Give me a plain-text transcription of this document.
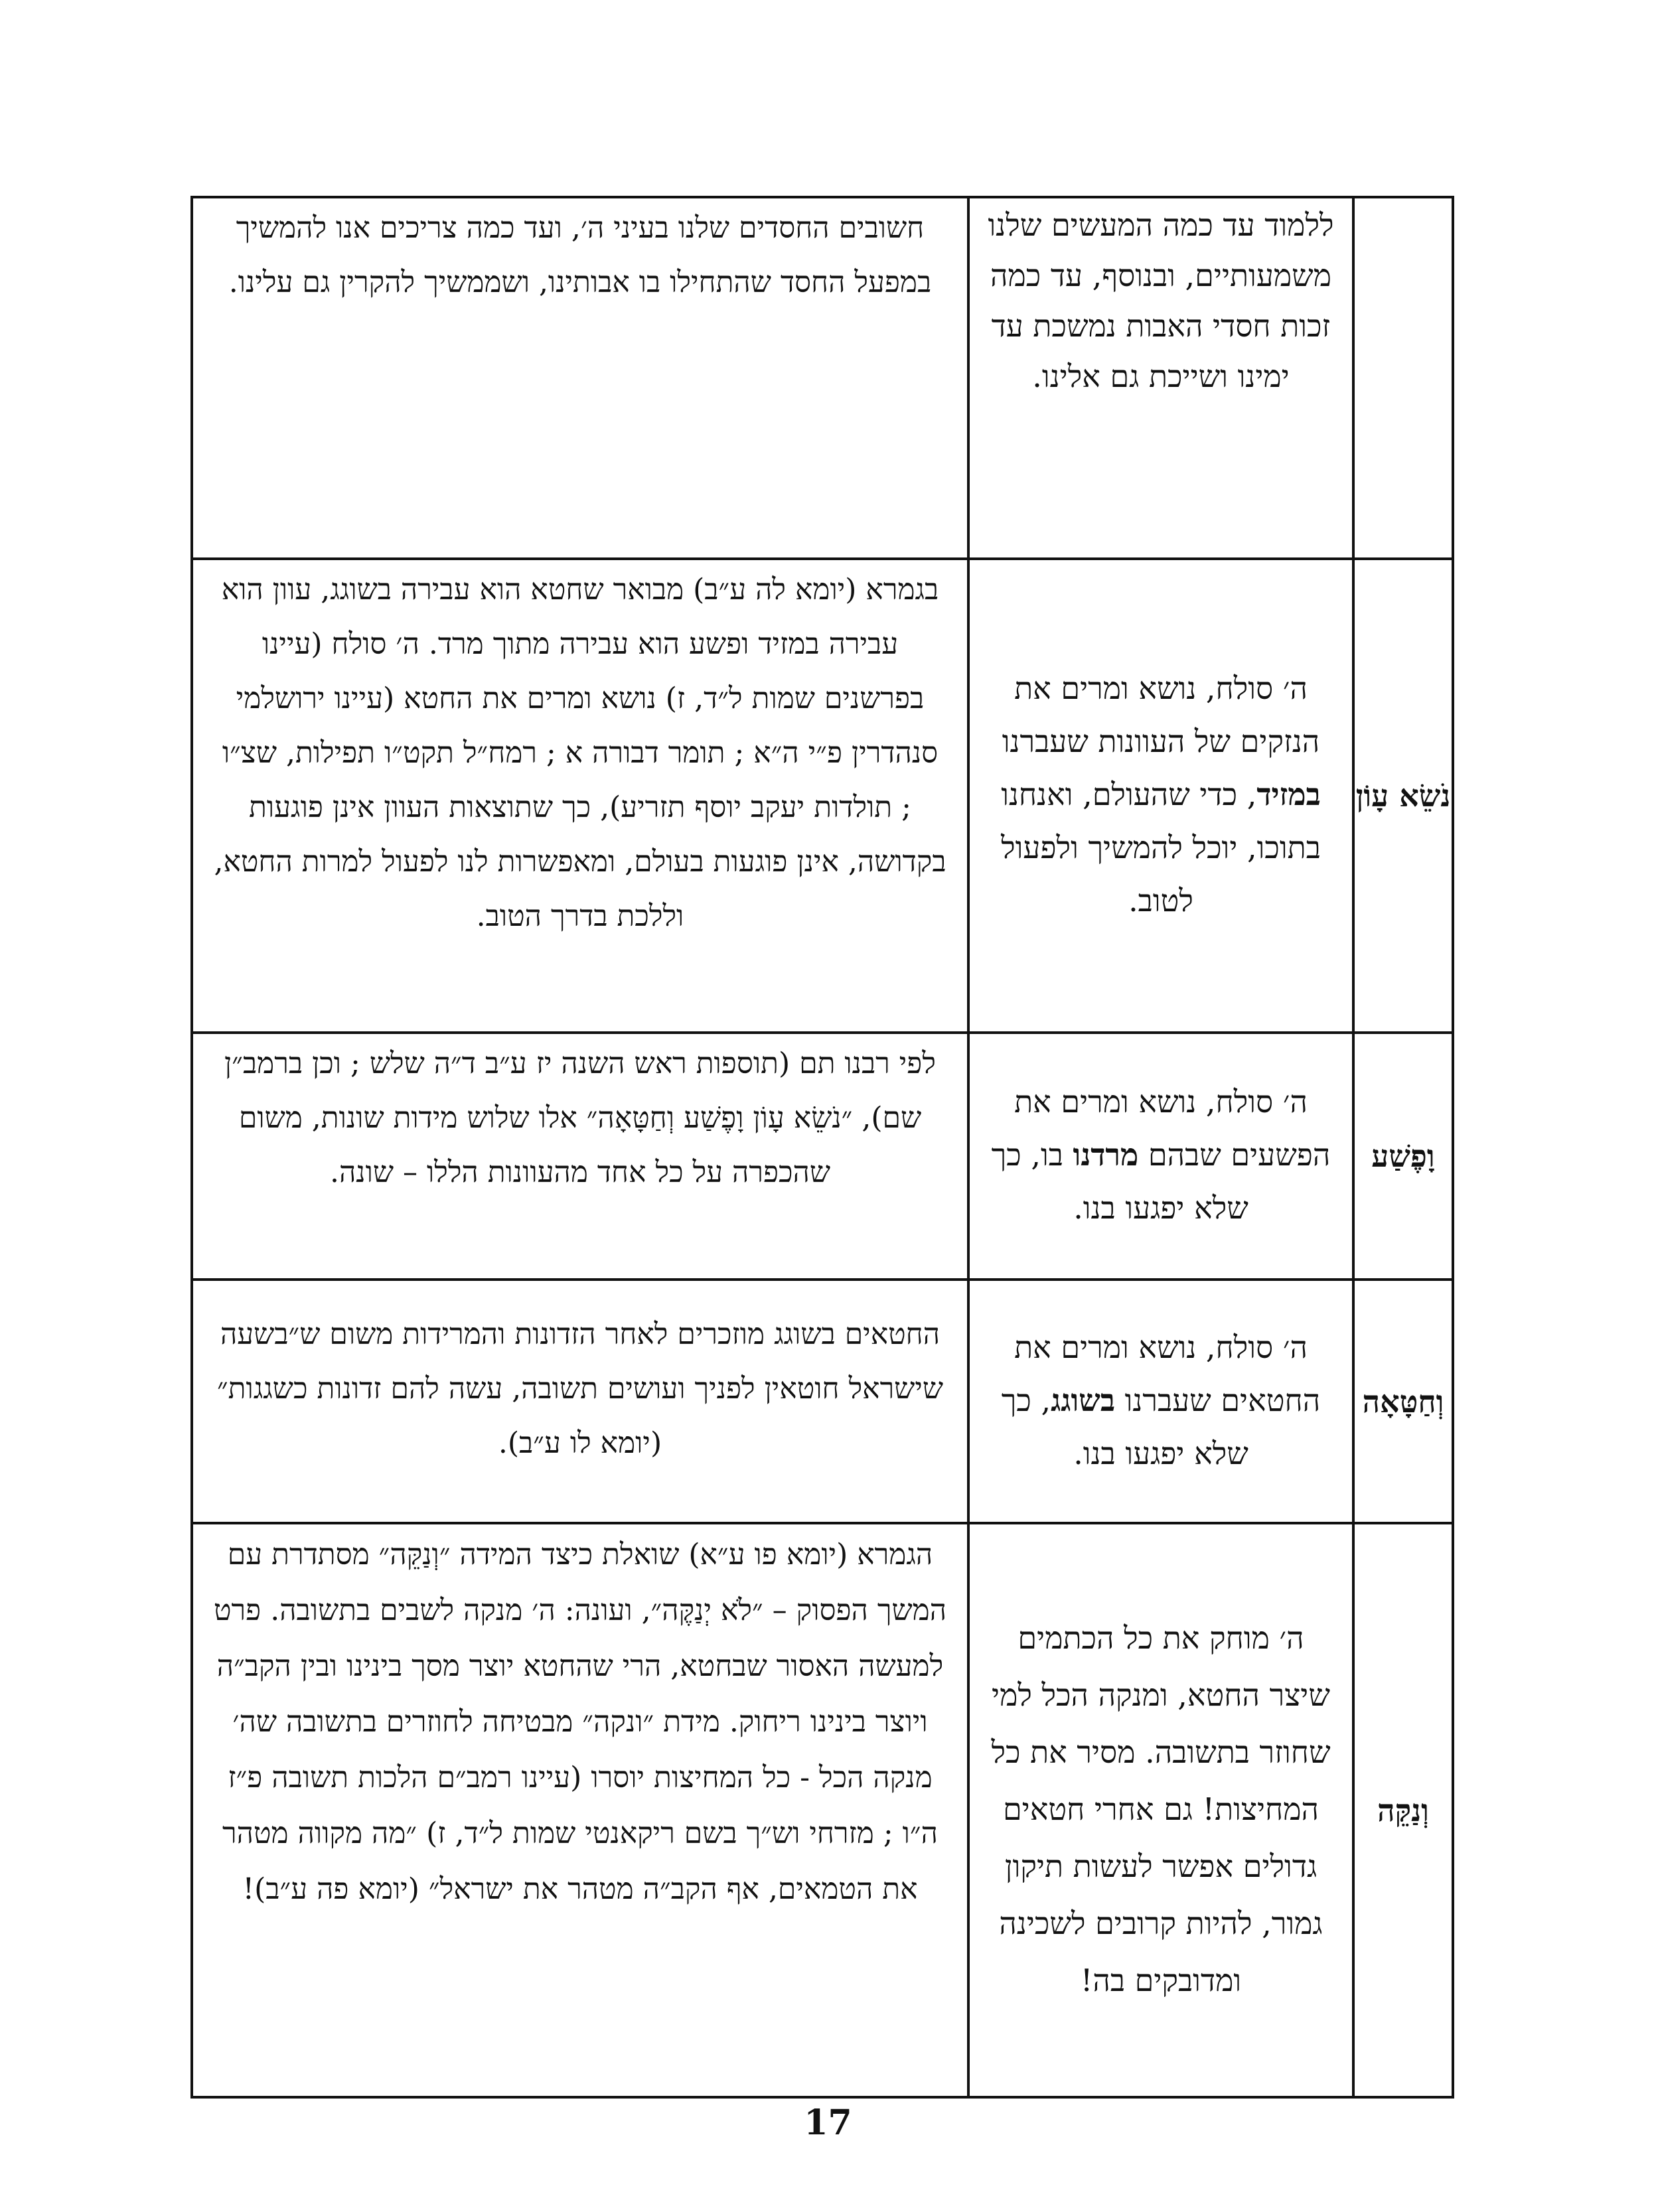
	ללמוד עד כמה המעשים שלנו משמעותיים, ובנוסף, עד כמה זכות חסדי האבות נמשכת עד ימינו ושייכת גם אלינו.	חשובים החסדים שלנו בעיני ה׳, ועד כמה צריכים אנו להמשיך במפעל החסד שהתחילו בו אבותינו, ושממשיך להקרין גם עלינו.
נֹשֵׂא עָוֹן	ה׳ סולח, נושא ומרים את הנזקים של העוונות שעברנו במזיד, כדי שהעולם, ואנחנו בתוכו, יוכל להמשיך ולפעול לטוב.	בגמרא (יומא לה ע״ב) מבואר שחטא הוא עבירה בשוגג, עוון הוא עבירה במזיד ופשע הוא עבירה מתוך מרד. ה׳ סולח (עיינו בפרשנים שמות ל״ד, ז) נושא ומרים את החטא (עיינו ירושלמי סנהדרין פ״י ה״א ; תומר דבורה א ; רמח״ל תקט״ו תפילות, שצ״ו ; תולדות יעקב יוסף תזריע), כך שתוצאות העוון אינן פוגעות בקדושה, אינן פוגעות בעולם, ומאפשרות לנו לפעול למרות החטא, וללכת בדרך הטוב.
וָפֶשַׁע	ה׳ סולח, נושא ומרים את הפשעים שבהם מרדנו בו, כך שלא יפגעו בנו.	לפי רבנו תם (תוספות ראש השנה יז ע״ב ד״ה שלש ; וכן ברמב״ן שם), ״נֹשֵׂא עָוֹן וָפֶשַׁע וְחַטָּאָה״ אלו שלוש מידות שונות, משום שהכפרה על כל אחד מהעוונות הללו – שונה.
וְחַטָּאָה	ה׳ סולח, נושא ומרים את החטאים שעברנו בשוגג, כך שלא יפגעו בנו.	החטאים בשוגג מוזכרים לאחר הזדונות והמרידות משום ש״בשעה שישראל חוטאין לפניך ועושים תשובה, עשה להם זדונות כשגגות״ (יומא לו ע״ב).
וְנַקֵּה	ה׳ מוחק את כל הכתמים שיצר החטא, ומנקה הכל למי שחוזר בתשובה. מסיר את כל המחיצות! גם אחרי חטאים גדולים אפשר לעשות תיקון גמור, להיות קרובים לשכינה ומדובקים בה!	הגמרא (יומא פו ע״א) שואלת כיצד המידה ״וְנַקֵּה״ מסתדרת עם המשך הפסוק – ״לֹא יְנַקֶּה״, ועונה: ה׳ מנקה לשבים בתשובה. פרט למעשה האסור שבחטא, הרי שהחטא יוצר מסך בינינו ובין הקב״ה ויוצר בינינו ריחוק. מידת ״ונקה״ מבטיחה לחוזרים בתשובה שה׳ מנקה הכל - כל המחיצות יוסרו (עיינו רמב״ם הלכות תשובה פ״ז ה״ו ; מזרחי וש״ך בשם ריקאנטי שמות ל״ד, ז) ״מה מקווה מטהר את הטמאים, אף הקב״ה מטהר את ישראל״ (יומא פה ע״ב)!
17
